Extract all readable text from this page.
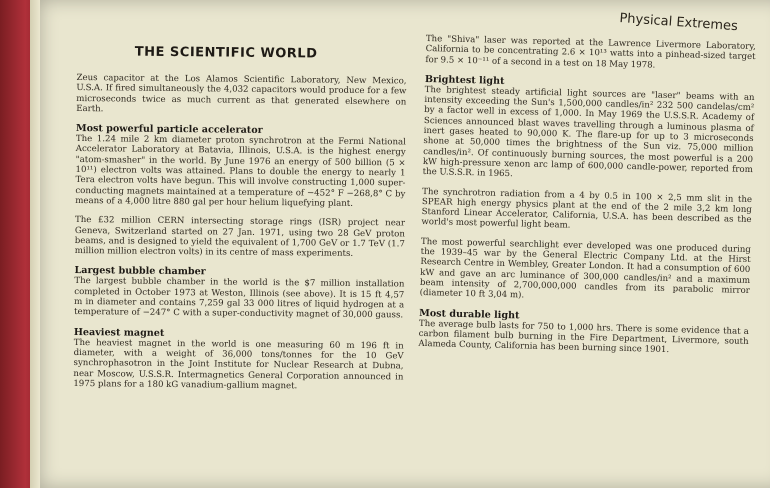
Physical Extremes
THE SCIENTIFIC WORLD

Zeus capacitor at the Los Alamos Scientific Laboratory, New Mexico, U.S.A. If fired simultaneously the 4,032 capacitors would produce for a few microseconds twice as much current as that generated elsewhere on Earth.

Most powerful particle accelerator

The 1.24 mile 2 km diameter proton synchrotron at the Fermi National Accelerator Laboratory at Batavia, Illinois, U.S.A. is the highest energy "atom-smasher" in the world. By June 1976 an energy of 500 billion (5 × 10¹¹) electron volts was attained. Plans to double the energy to nearly 1 Tera electron volts have begun. This will involve constructing 1,000 super-conducting magnets maintained at a temperature of −452° F −268,8° C by means of a 4,000 litre 880 gal per hour helium liquefying plant.

The £32 million CERN intersecting storage rings (ISR) project near Geneva, Switzerland started on 27 Jan. 1971, using two 28 GeV proton beams, and is designed to yield the equivalent of 1,700 GeV or 1.7 TeV (1.7 million million electron volts) in its centre of mass experiments.

Largest bubble chamber

The largest bubble chamber in the world is the $7 million installation completed in October 1973 at Weston, Illinois (see above). It is 15 ft 4,57 m in diameter and contains 7,259 gal 33 000 litres of liquid hydrogen at a temperature of −247° C with a super-conductivity magnet of 30,000 gauss.

Heaviest magnet

The heaviest magnet in the world is one measuring 60 m 196 ft in diameter, with a weight of 36,000 tons/tonnes for the 10 GeV synchrophasotron in the Joint Institute for Nuclear Research at Dubna, near Moscow, U.S.S.R. Intermagnetics General Corporation announced in 1975 plans for a 180 kG vanadium-gallium magnet.

The "Shiva" laser was reported at the Lawrence Livermore Laboratory, California to be concentrating 2.6 × 10¹³ watts into a pinhead-sized target for 9.5 × 10⁻¹¹ of a second in a test on 18 May 1978.

Brightest light

The brightest steady artificial light sources are "laser" beams with an intensity exceeding the Sun's 1,500,000 candles/in² 232 500 candelas/cm² by a factor well in excess of 1,000. In May 1969 the U.S.S.R. Academy of Sciences announced blast waves travelling through a luminous plasma of inert gases heated to 90,000 K. The flare-up for up to 3 microseconds shone at 50,000 times the brightness of the Sun viz. 75,000 million candles/in². Of continuously burning sources, the most powerful is a 200 kW high-pressure xenon arc lamp of 600,000 candle-power, reported from the U.S.S.R. in 1965.

The synchrotron radiation from a 4 by 0.5 in 100 × 2,5 mm slit in the SPEAR high energy physics plant at the end of the 2 mile 3,2 km long Stanford Linear Accelerator, California, U.S.A. has been described as the world's most powerful light beam.

The most powerful searchlight ever developed was one produced during the 1939–45 war by the General Electric Company Ltd. at the Hirst Research Centre in Wembley, Greater London. It had a consumption of 600 kW and gave an arc luminance of 300,000 candles/in² and a maximum beam intensity of 2,700,000,000 candles from its parabolic mirror (diameter 10 ft 3,04 m).

Most durable light

The average bulb lasts for 750 to 1,000 hrs. There is some evidence that a carbon filament bulb burning in the Fire Department, Livermore, south Alameda County, California has been burning since 1901.
